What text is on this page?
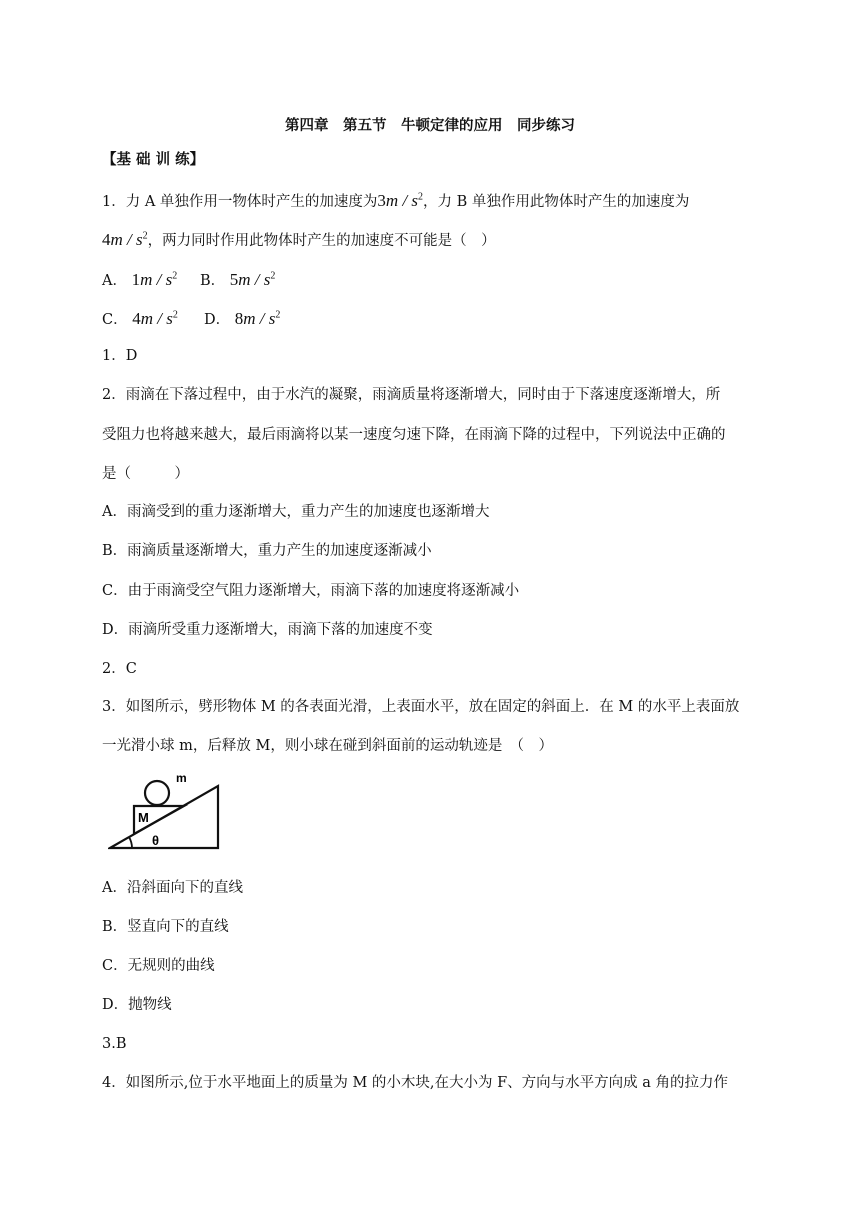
第四章　第五节　牛顿定律的应用　同步练习
【基 础 训 练】
1．力 A 单独作用一物体时产生的加速度为$3m / s^2$，力 B 单独作用此物体时产生的加速度为
$4m / s^2$，两力同时作用此物体时产生的加速度不可能是（　）
A． $1m / s^2$ B． $5m / s^2$
C． $4m / s^2$ D． $8m / s^2$
1．D
2．雨滴在下落过程中，由于水汽的凝聚，雨滴质量将逐渐增大，同时由于下落速度逐渐增大，所
受阻力也将越来越大，最后雨滴将以某一速度匀速下降，在雨滴下降的过程中，下列说法中正确的
是（　　　）
A．雨滴受到的重力逐渐增大，重力产生的加速度也逐渐增大
B．雨滴质量逐渐增大，重力产生的加速度逐渐减小
C．由于雨滴受空气阻力逐渐增大，雨滴下落的加速度将逐渐减小
D．雨滴所受重力逐渐增大，雨滴下落的加速度不变
2．C
3．如图所示，劈形物体 M 的各表面光滑，上表面水平，放在固定的斜面上．在 M 的水平上表面放
一光滑小球 m，后释放 M，则小球在碰到斜面前的运动轨迹是　（　）
m
M
θ
A．沿斜面向下的直线
B．竖直向下的直线
C．无规则的曲线
D．抛物线
3.B
4．如图所示,位于水平地面上的质量为 M 的小木块,在大小为 F、方向与水平方向成 a 角的拉力作
